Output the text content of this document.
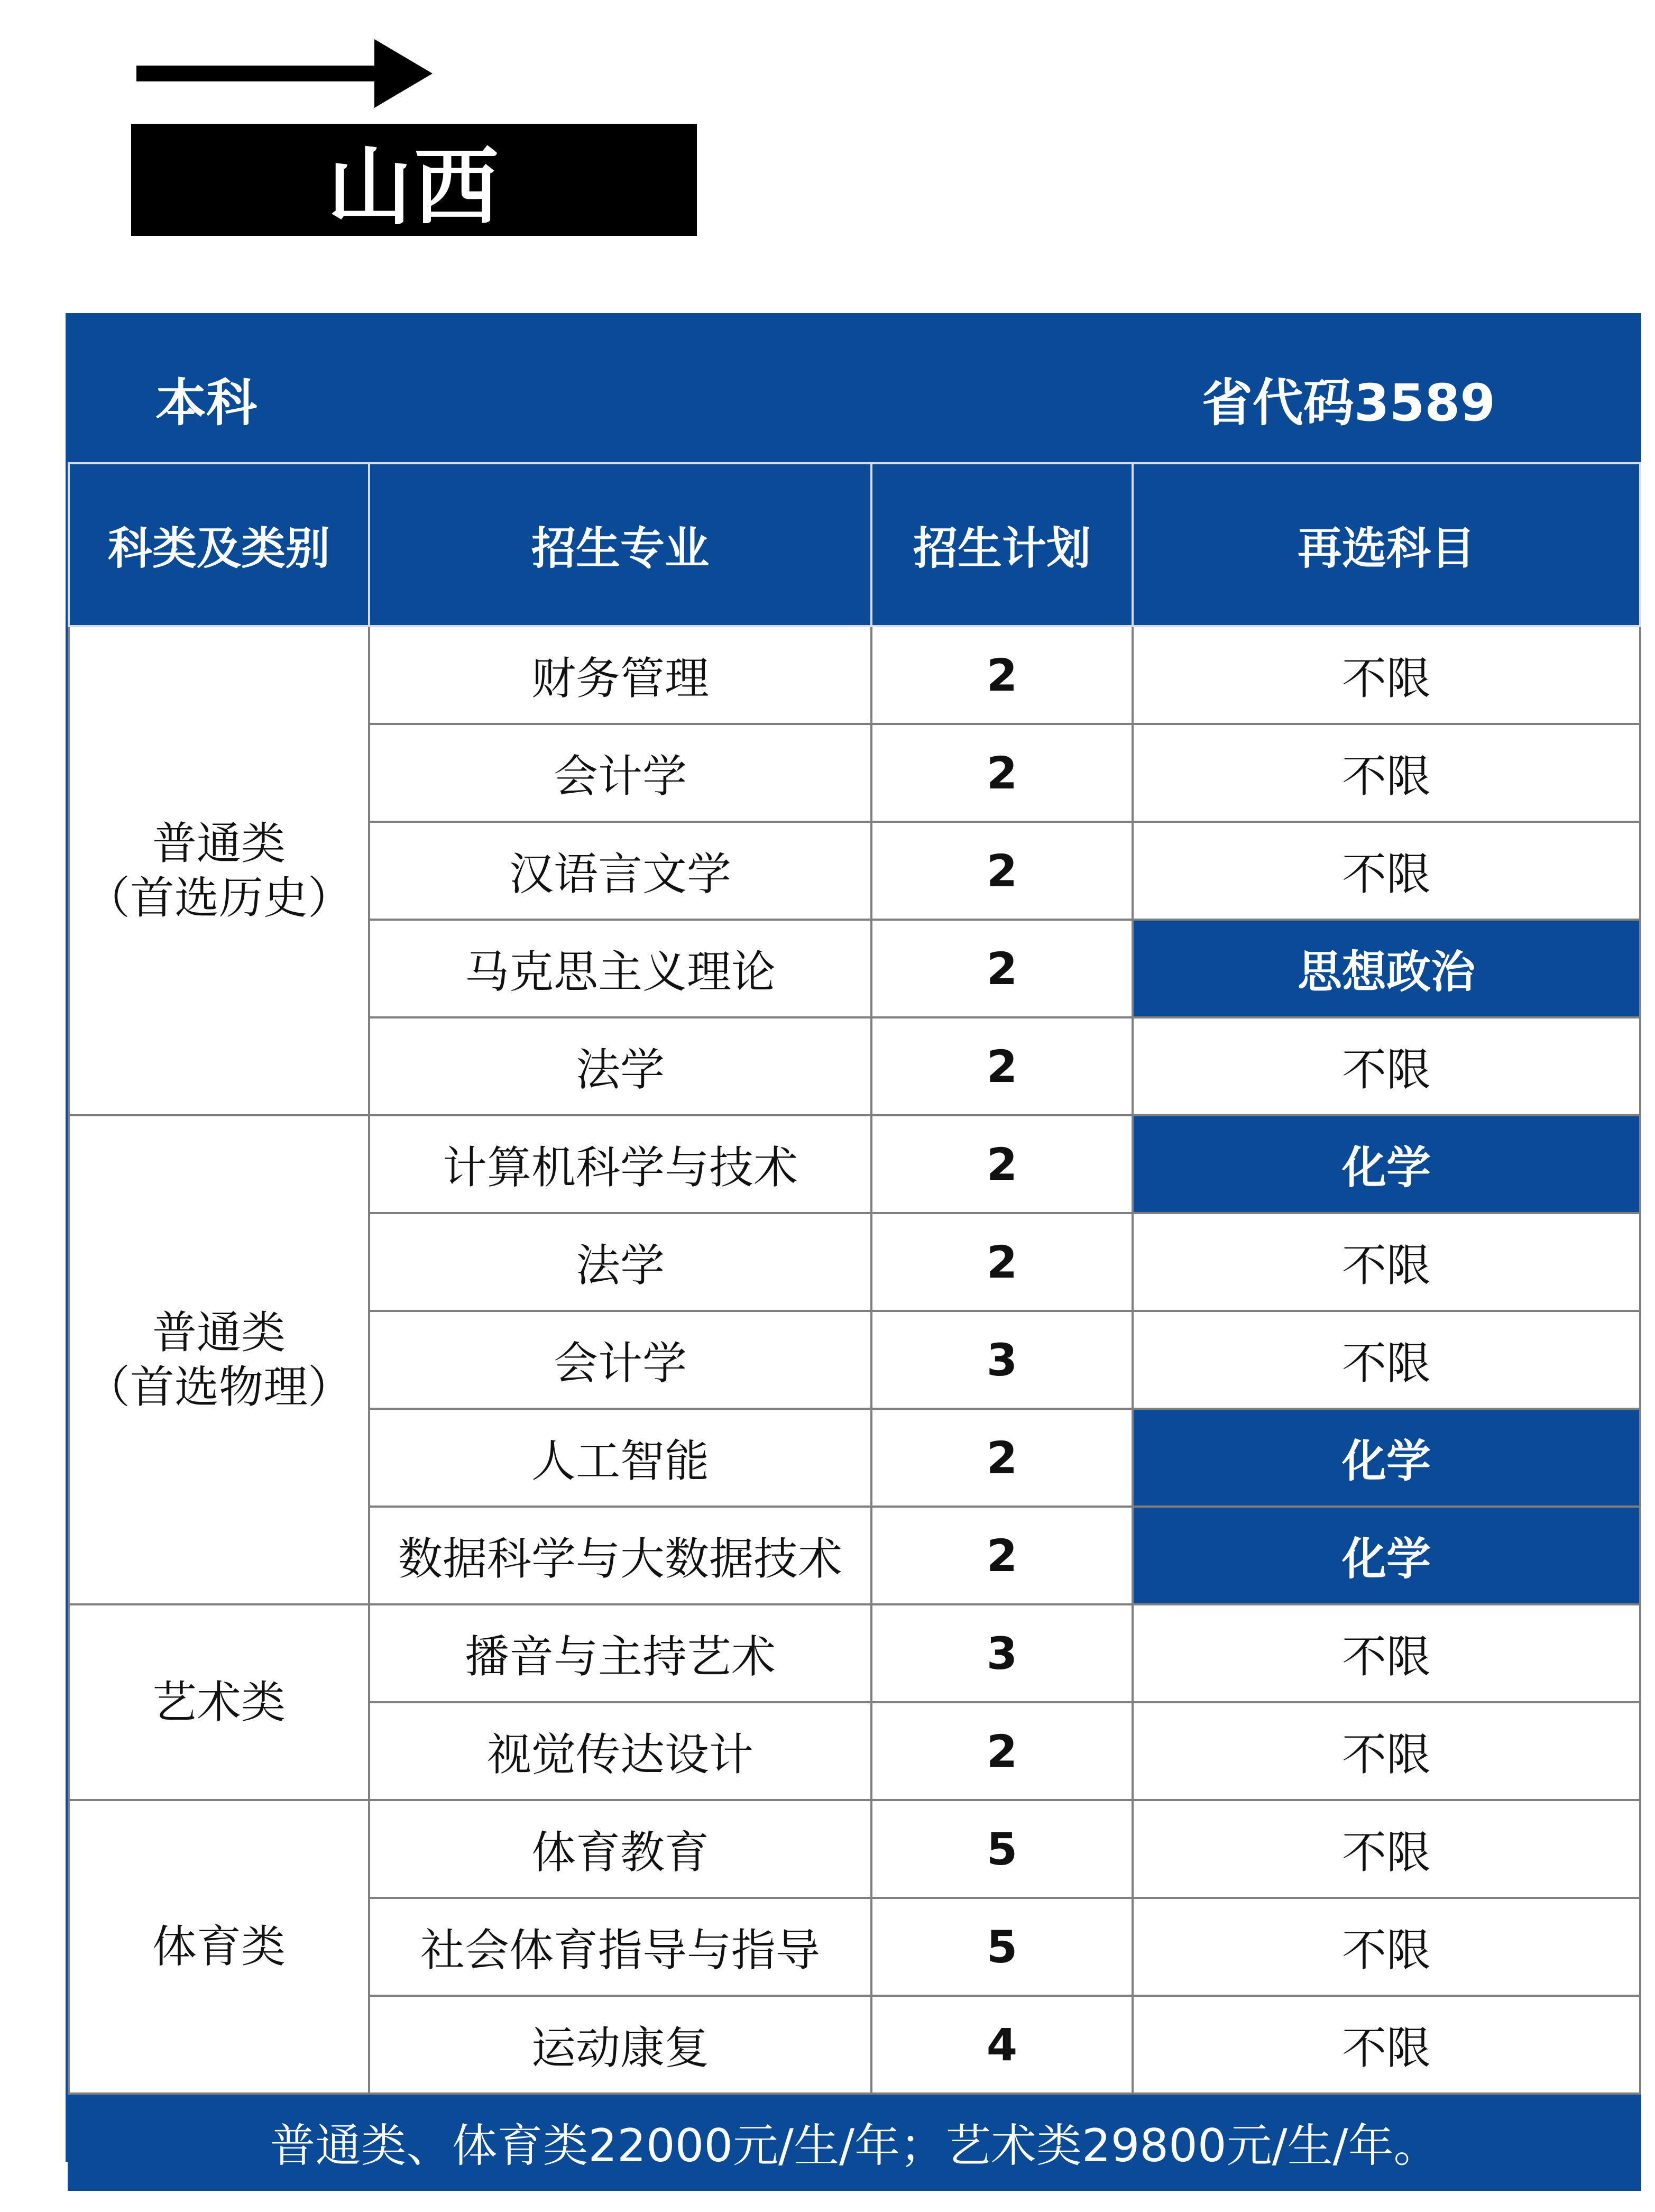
山西
本科	省代码3589
科类及类别	招生专业	招生计划	再选科目
普通类
（首选历史）	财务管理	2	不限
	会计学	2	不限
	汉语言文学	2	不限
	马克思主义理论	2	思想政治
	法学	2	不限
普通类
（首选物理）	计算机科学与技术	2	化学
	法学	2	不限
	会计学	3	不限
	人工智能	2	化学
	数据科学与大数据技术	2	化学
艺术类	播音与主持艺术	3	不限
	视觉传达设计	2	不限
体育类	体育教育	5	不限
	社会体育指导与指导	5	不限
	运动康复	4	不限
普通类、体育类22000元/生/年；艺术类29800元/生/年。			
